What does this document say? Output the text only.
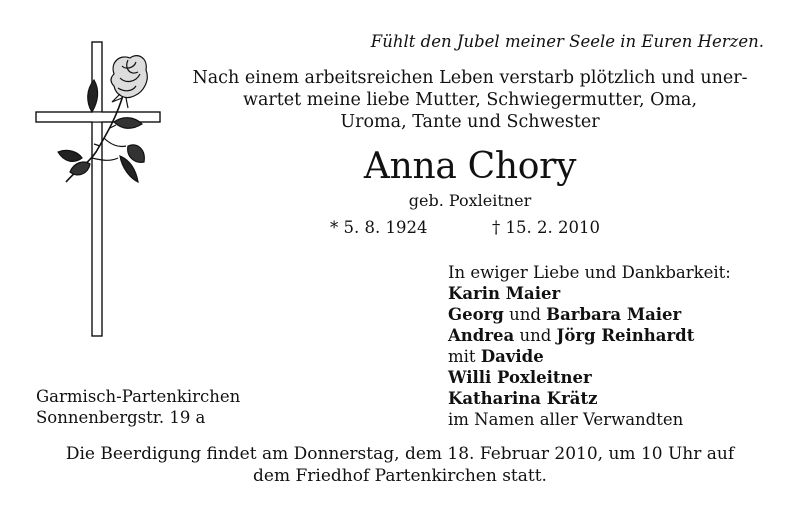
Fühlt den Jubel meiner Seele in Euren Herzen.
Nach einem arbeitsreichen Leben verstarb plötzlich und uner-
wartet meine liebe Mutter, Schwiegermutter, Oma,
Uroma, Tante und Schwester
Anna Chory
geb. Poxleitner
* 5. 8. 1924	† 15. 2. 2010
In ewiger Liebe und Dankbarkeit:
Karin Maier
Georg und Barbara Maier
Andrea und Jörg Reinhardt
mit Davide
Willi Poxleitner
Katharina Krätz
im Namen aller Verwandten
Garmisch-Partenkirchen
Sonnenbergstr. 19 a
Die Beerdigung findet am Donnerstag, dem 18. Februar 2010, um 10 Uhr auf
dem Friedhof Partenkirchen statt.
